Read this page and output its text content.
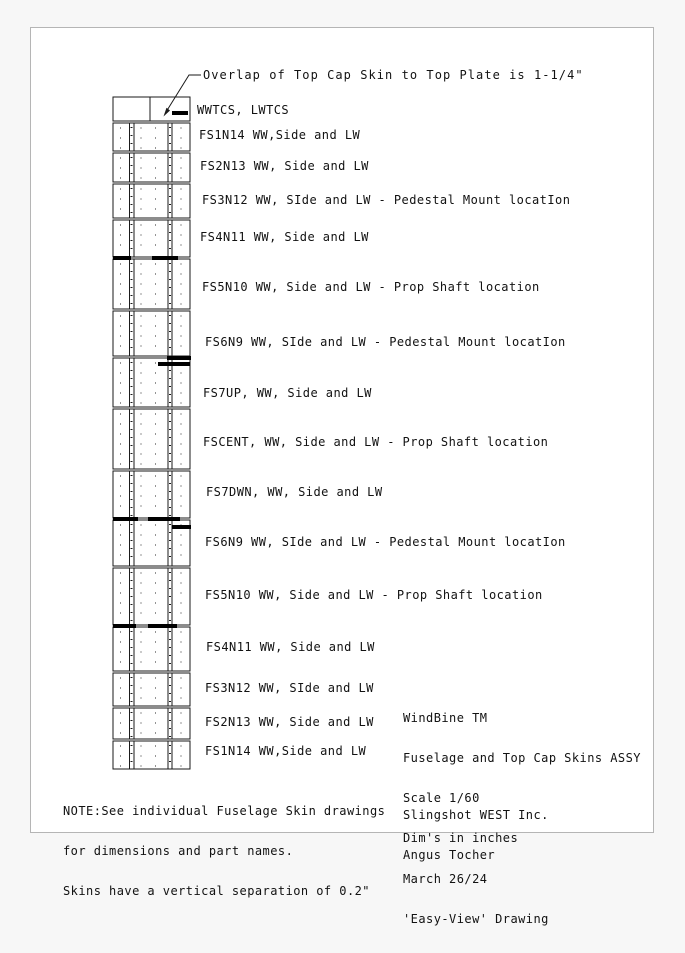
Overlap of Top Cap Skin to Top Plate is 1-1/4"
WWTCS, LWTCS
FS1N14 WW,Side and LW
FS2N13 WW, Side and LW
FS3N12 WW, SIde and LW - Pedestal Mount locatIon
FS4N11 WW, Side and LW
FS5N10 WW, Side and LW - Prop Shaft location
FS6N9 WW, SIde and LW - Pedestal Mount locatIon
FS7UP, WW, Side and LW
FSCENT, WW, Side and LW - Prop Shaft location
FS7DWN, WW, Side and LW
FS6N9 WW, SIde and LW - Pedestal Mount locatIon
FS5N10 WW, Side and LW - Prop Shaft location
FS4N11 WW, Side and LW
FS3N12 WW, SIde and LW
FS2N13 WW, Side and LW
FS1N14 WW,Side and LW

WindBine TM

Fuselage and Top Cap Skins ASSY

Scale 1/60

Dim's in inches

March 26/24

'Easy-View' Drawing

Slingshot WEST Inc.

Angus Tocher

NOTE:See individual Fuselage Skin drawings

for dimensions and part names.

Skins have a vertical separation of 0.2"
